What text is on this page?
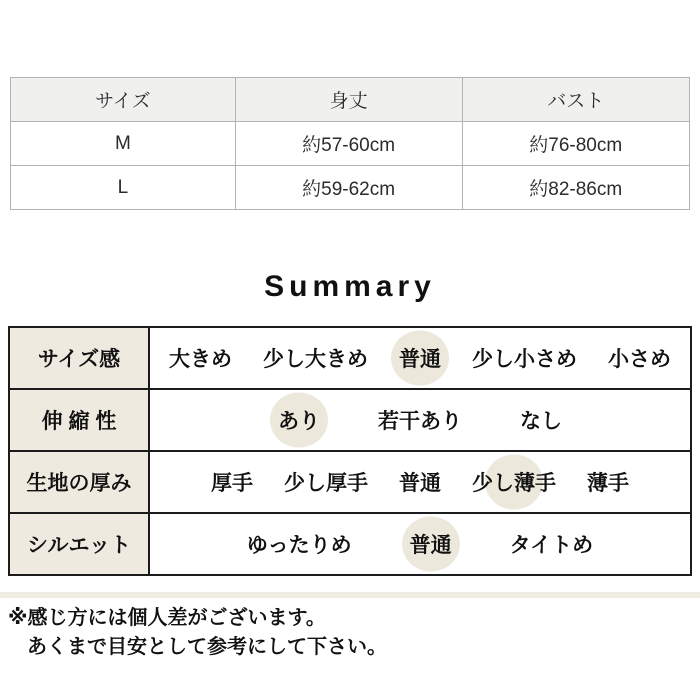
サイズ	身丈	バスト
M	約57-60cm	約76-80cm
L	約59-62cm	約82-86cm
Summary
サイズ感	大きめ 少し大きめ 普通 少し小さめ 小さめ

伸 縮 性	あり 若干あり なし

生地の厚み	厚手 少し厚手 普通 少し薄手 薄手

シルエット	ゆったりめ 普通 タイトめ
※感じ方には個人差がございます。
あくまで目安として参考にして下さい。
